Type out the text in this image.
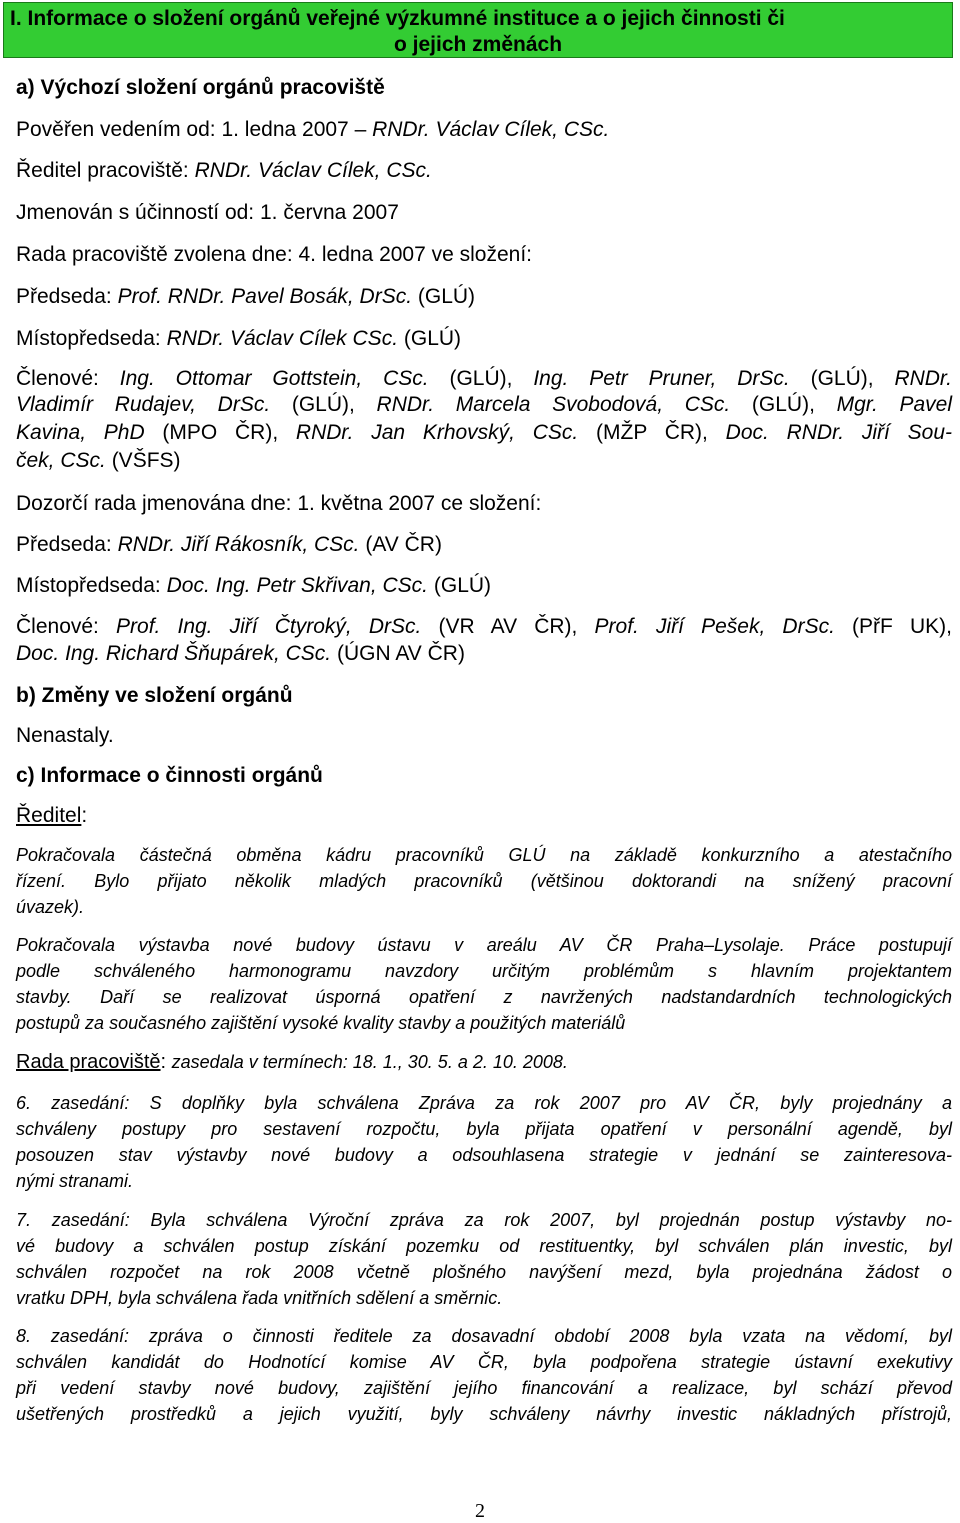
I. Informace o složení orgánů veřejné výzkumné instituce a o jejich činnosti či
o jejich změnách
a) Výchozí složení orgánů pracoviště
Pověřen vedením od: 1. ledna 2007 – RNDr. Václav Cílek, CSc.
Ředitel pracoviště: RNDr. Václav Cílek, CSc.
Jmenován s účinností od: 1. června 2007
Rada pracoviště zvolena dne: 4. ledna 2007 ve složení:
Předseda: Prof. RNDr. Pavel Bosák, DrSc. (GLÚ)
Místopředseda: RNDr. Václav Cílek CSc. (GLÚ)
Členové: Ing. Ottomar Gottstein, CSc. (GLÚ), Ing. Petr Pruner, DrSc. (GLÚ), RNDr.
Vladimír Rudajev, DrSc. (GLÚ), RNDr. Marcela Svobodová, CSc. (GLÚ), Mgr. Pavel
Kavina, PhD (MPO ČR), RNDr. Jan Krhovský, CSc. (MŽP ČR), Doc. RNDr. Jiří Sou-
ček, CSc. (VŠFS)
Dozorčí rada jmenována dne: 1. května 2007 ce složení:
Předseda: RNDr. Jiří Rákosník, CSc. (AV ČR)
Místopředseda: Doc. Ing. Petr Skřivan, CSc. (GLÚ)
Členové: Prof. Ing. Jiří Čtyroký, DrSc. (VR AV ČR), Prof. Jiří Pešek, DrSc. (PřF UK),
Doc. Ing. Richard Šňupárek, CSc. (ÚGN AV ČR)
b) Změny ve složení orgánů
Nenastaly.
c) Informace o činnosti orgánů
Ředitel:
Pokračovala částečná obměna kádru pracovníků GLÚ na základě konkurzního a atestačního
řízení. Bylo přijato několik mladých pracovníků (většinou doktorandi na snížený pracovní
úvazek).
Pokračovala výstavba nové budovy ústavu v areálu AV ČR Praha–Lysolaje. Práce postupují
podle schváleného harmonogramu navzdory určitým problémům s hlavním projektantem
stavby. Daří se realizovat úsporná opatření z navržených nadstandardních technologických
postupů za současného zajištění vysoké kvality stavby a použitých materiálů
Rada pracoviště: zasedala v termínech: 18. 1., 30. 5. a 2. 10. 2008.
6. zasedání: S doplňky byla schválena Zpráva za rok 2007 pro AV ČR, byly projednány a
schváleny postupy pro sestavení rozpočtu, byla přijata opatření v personální agendě, byl
posouzen stav výstavby nové budovy a odsouhlasena strategie v jednání se zainteresova-
nými stranami.
7. zasedání: Byla schválena Výroční zpráva za rok 2007, byl projednán postup výstavby no-
vé budovy a schválen postup získání pozemku od restituentky, byl schválen plán investic, byl
schválen rozpočet na rok 2008 včetně plošného navýšení mezd, byla projednána žádost o
vratku DPH, byla schválena řada vnitřních sdělení a směrnic.
8. zasedání: zpráva o činnosti ředitele za dosavadní období 2008 byla vzata na vědomí, byl
schválen kandidát do Hodnotící komise AV ČR, byla podpořena strategie ústavní exekutivy
při vedení stavby nové budovy, zajištění jejího financování a realizace, byl schází převod
ušetřených prostředků a jejich využití, byly schváleny návrhy investic nákladných přístrojů,
2
